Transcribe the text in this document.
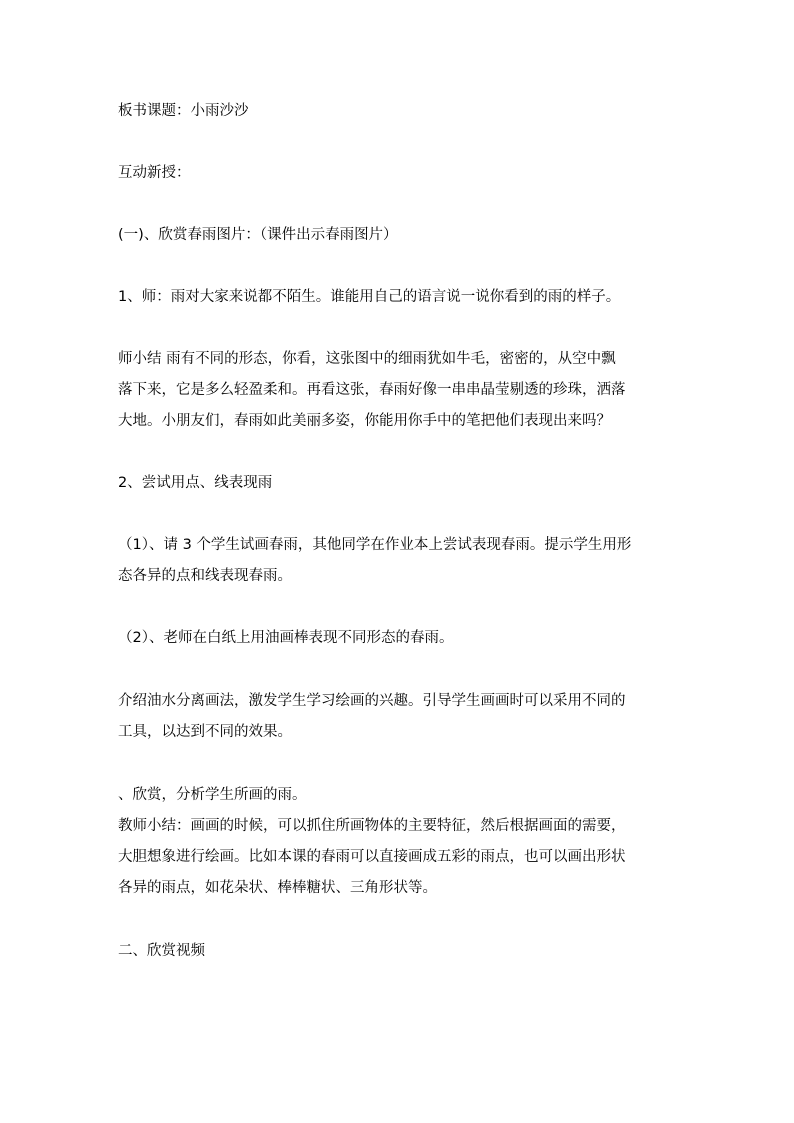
板书课题：小雨沙沙

互动新授：

(一)、欣赏春雨图片：（课件出示春雨图片）

1、师：雨对大家来说都不陌生。谁能用自己的语言说一说你看到的雨的样子。

师小结 雨有不同的形态，你看，这张图中的细雨犹如牛毛，密密的，从空中飘
落下来，它是多么轻盈柔和。再看这张，春雨好像一串串晶莹剔透的珍珠，洒落
大地。小朋友们，春雨如此美丽多姿，你能用你手中的笔把他们表现出来吗？

2、尝试用点、线表现雨

（1）、请 3 个学生试画春雨，其他同学在作业本上尝试表现春雨。提示学生用形
态各异的点和线表现春雨。

（2）、老师在白纸上用油画棒表现不同形态的春雨。

介绍油水分离画法，激发学生学习绘画的兴趣。引导学生画画时可以采用不同的
工具，以达到不同的效果。

、欣赏，分析学生所画的雨。
教师小结：画画的时候，可以抓住所画物体的主要特征，然后根据画面的需要，
大胆想象进行绘画。比如本课的春雨可以直接画成五彩的雨点，也可以画出形状
各异的雨点，如花朵状、棒棒糖状、三角形状等。

二、欣赏视频
